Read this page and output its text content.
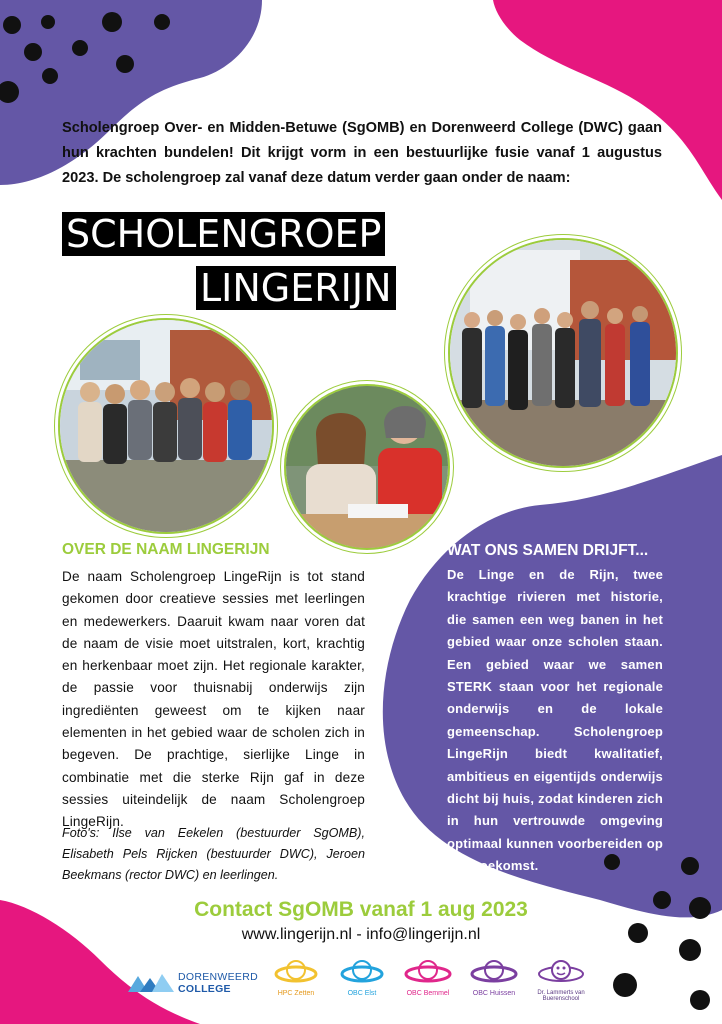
Scholengroep Over- en Midden-Betuwe (SgOMB) en Dorenweerd College (DWC) gaan hun krachten bundelen! Dit krijgt vorm in een bestuurlijke fusie vanaf 1 augustus 2023. De scholengroep zal vanaf deze datum verder gaan onder de naam:
SCHOLENGROEP
LINGERIJN
OVER DE NAAM LINGERIJN
De naam Scholengroep LingeRijn is tot stand gekomen door creatieve sessies met leerlingen en medewerkers. Daaruit kwam naar voren dat de naam de visie moet uitstralen, kort, krachtig en herkenbaar moet zijn. Het regionale karakter, de passie voor thuisnabij onderwijs zijn ingrediënten geweest om te kijken naar elementen in het gebied waar de scholen zich in begeven. De prachtige, sierlijke Linge in combinatie met die sterke Rijn gaf in deze sessies uiteindelijk de naam Scholengroep LingeRijn.
Foto's: Ilse van Eekelen (bestuurder SgOMB), Elisabeth Pels Rijcken (bestuurder DWC), Jeroen Beekmans (rector DWC) en leerlingen.
WAT ONS SAMEN DRIJFT...
De Linge en de Rijn, twee krachtige rivieren met historie, die samen een weg banen in het gebied waar onze scholen staan. Een gebied waar we samen STERK staan voor het regionale onderwijs en de lokale gemeenschap. Scholengroep LingeRijn biedt kwalitatief, ambitieus en eigentijds onderwijs dicht bij huis, zodat kinderen zich in hun vertrouwde omgeving optimaal kunnen voorbereiden op hun toekomst.
Contact SgOMB vanaf 1 aug 2023
www.lingerijn.nl - info@lingerijn.nl
DORENWEERD
COLLEGE	HPC Zetten	OBC Elst	OBC Bemmel	OBC Huissen	Dr. Lammerts van Buerenschool
